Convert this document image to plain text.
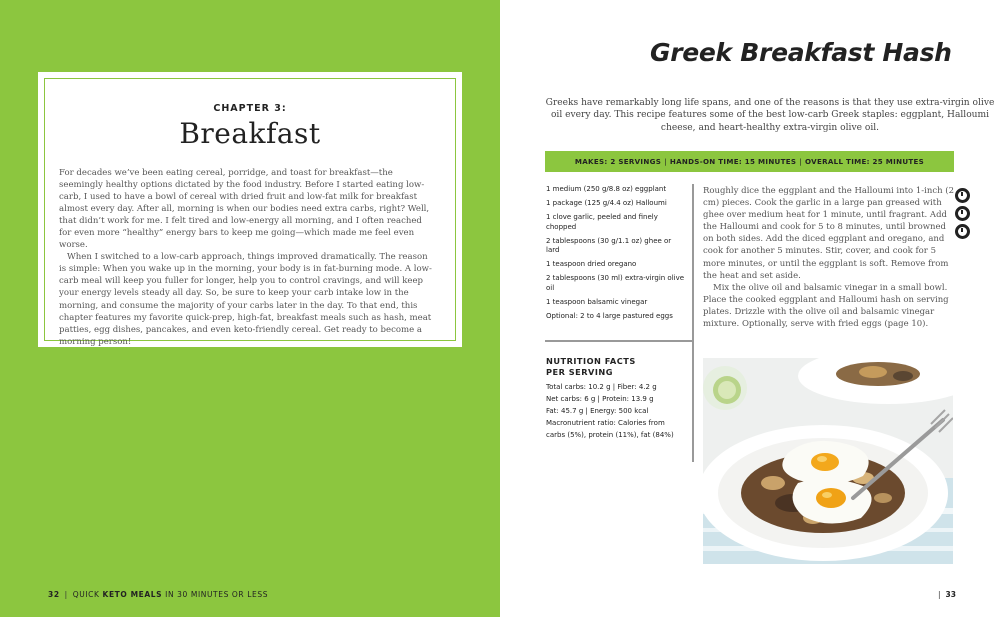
CHAPTER 3:
Breakfast

For decades we’ve been eating cereal, porridge, and toast for breakfast—the seemingly healthy options dictated by the food industry. Before I started eating low-carb, I used to have a bowl of cereal with dried fruit and low-fat milk for breakfast almost every day. After all, morning is when our bodies need extra carbs, right? Well, that didn’t work for me. I felt tired and low-energy all morning, and I often reached for even more “healthy” energy bars to keep me going—which made me feel even worse.

When I switched to a low-carb approach, things improved dramatically. The reason is simple: When you wake up in the morning, your body is in fat-burning mode. A low-carb meal will keep you fuller for longer, help you to control cravings, and will keep your energy levels steady all day. So, be sure to keep your carb intake low in the morning, and consume the majority of your carbs later in the day. To that end, this chapter features my favorite quick-prep, high-fat, breakfast meals such as hash, meat patties, egg dishes, pancakes, and even keto-friendly cereal. Get ready to become a morning person!

32 | QUICK KETO MEALS IN 30 MINUTES OR LESS
Greek Breakfast Hash
Greeks have remarkably long life spans, and one of the reasons is that they use extra-virgin olive oil every day. This recipe features some of the best low-carb Greek staples: eggplant, Halloumi cheese, and heart-healthy extra-virgin olive oil.
MAKES: 2 SERVINGS | HANDS-ON TIME: 15 MINUTES | OVERALL TIME: 25 MINUTES
1 medium (250 g/8.8 oz) eggplant
1 package (125 g/4.4 oz) Halloumi
1 clove garlic, peeled and finely chopped
2 tablespoons (30 g/1.1 oz) ghee or lard
1 teaspoon dried oregano
2 tablespoons (30 ml) extra-virgin olive oil
1 teaspoon balsamic vinegar
Optional: 2 to 4 large pastured eggs
NUTRITION FACTS
PER SERVING
Total carbs: 10.2 g | Fiber: 4.2 g
Net carbs: 6 g | Protein: 13.9 g
Fat: 45.7 g | Energy: 500 kcal
Macronutrient ratio: Calories from
carbs (5%), protein (11%), fat (84%)

Roughly dice the eggplant and the Halloumi into 1-inch (2 cm) pieces. Cook the garlic in a large pan greased with ghee over medium heat for 1 minute, until fragrant. Add the Halloumi and cook for 5 to 8 minutes, until browned on both sides. Add the diced eggplant and oregano, and cook for another 5 minutes. Stir, cover, and cook for 5 more minutes, or until the eggplant is soft. Remove from the heat and set aside.

Mix the olive oil and balsamic vinegar in a small bowl. Place the cooked eggplant and Halloumi hash on serving plates. Drizzle with the olive oil and balsamic vinegar mixture. Optionally, serve with fried eggs (page 10).

| 33
